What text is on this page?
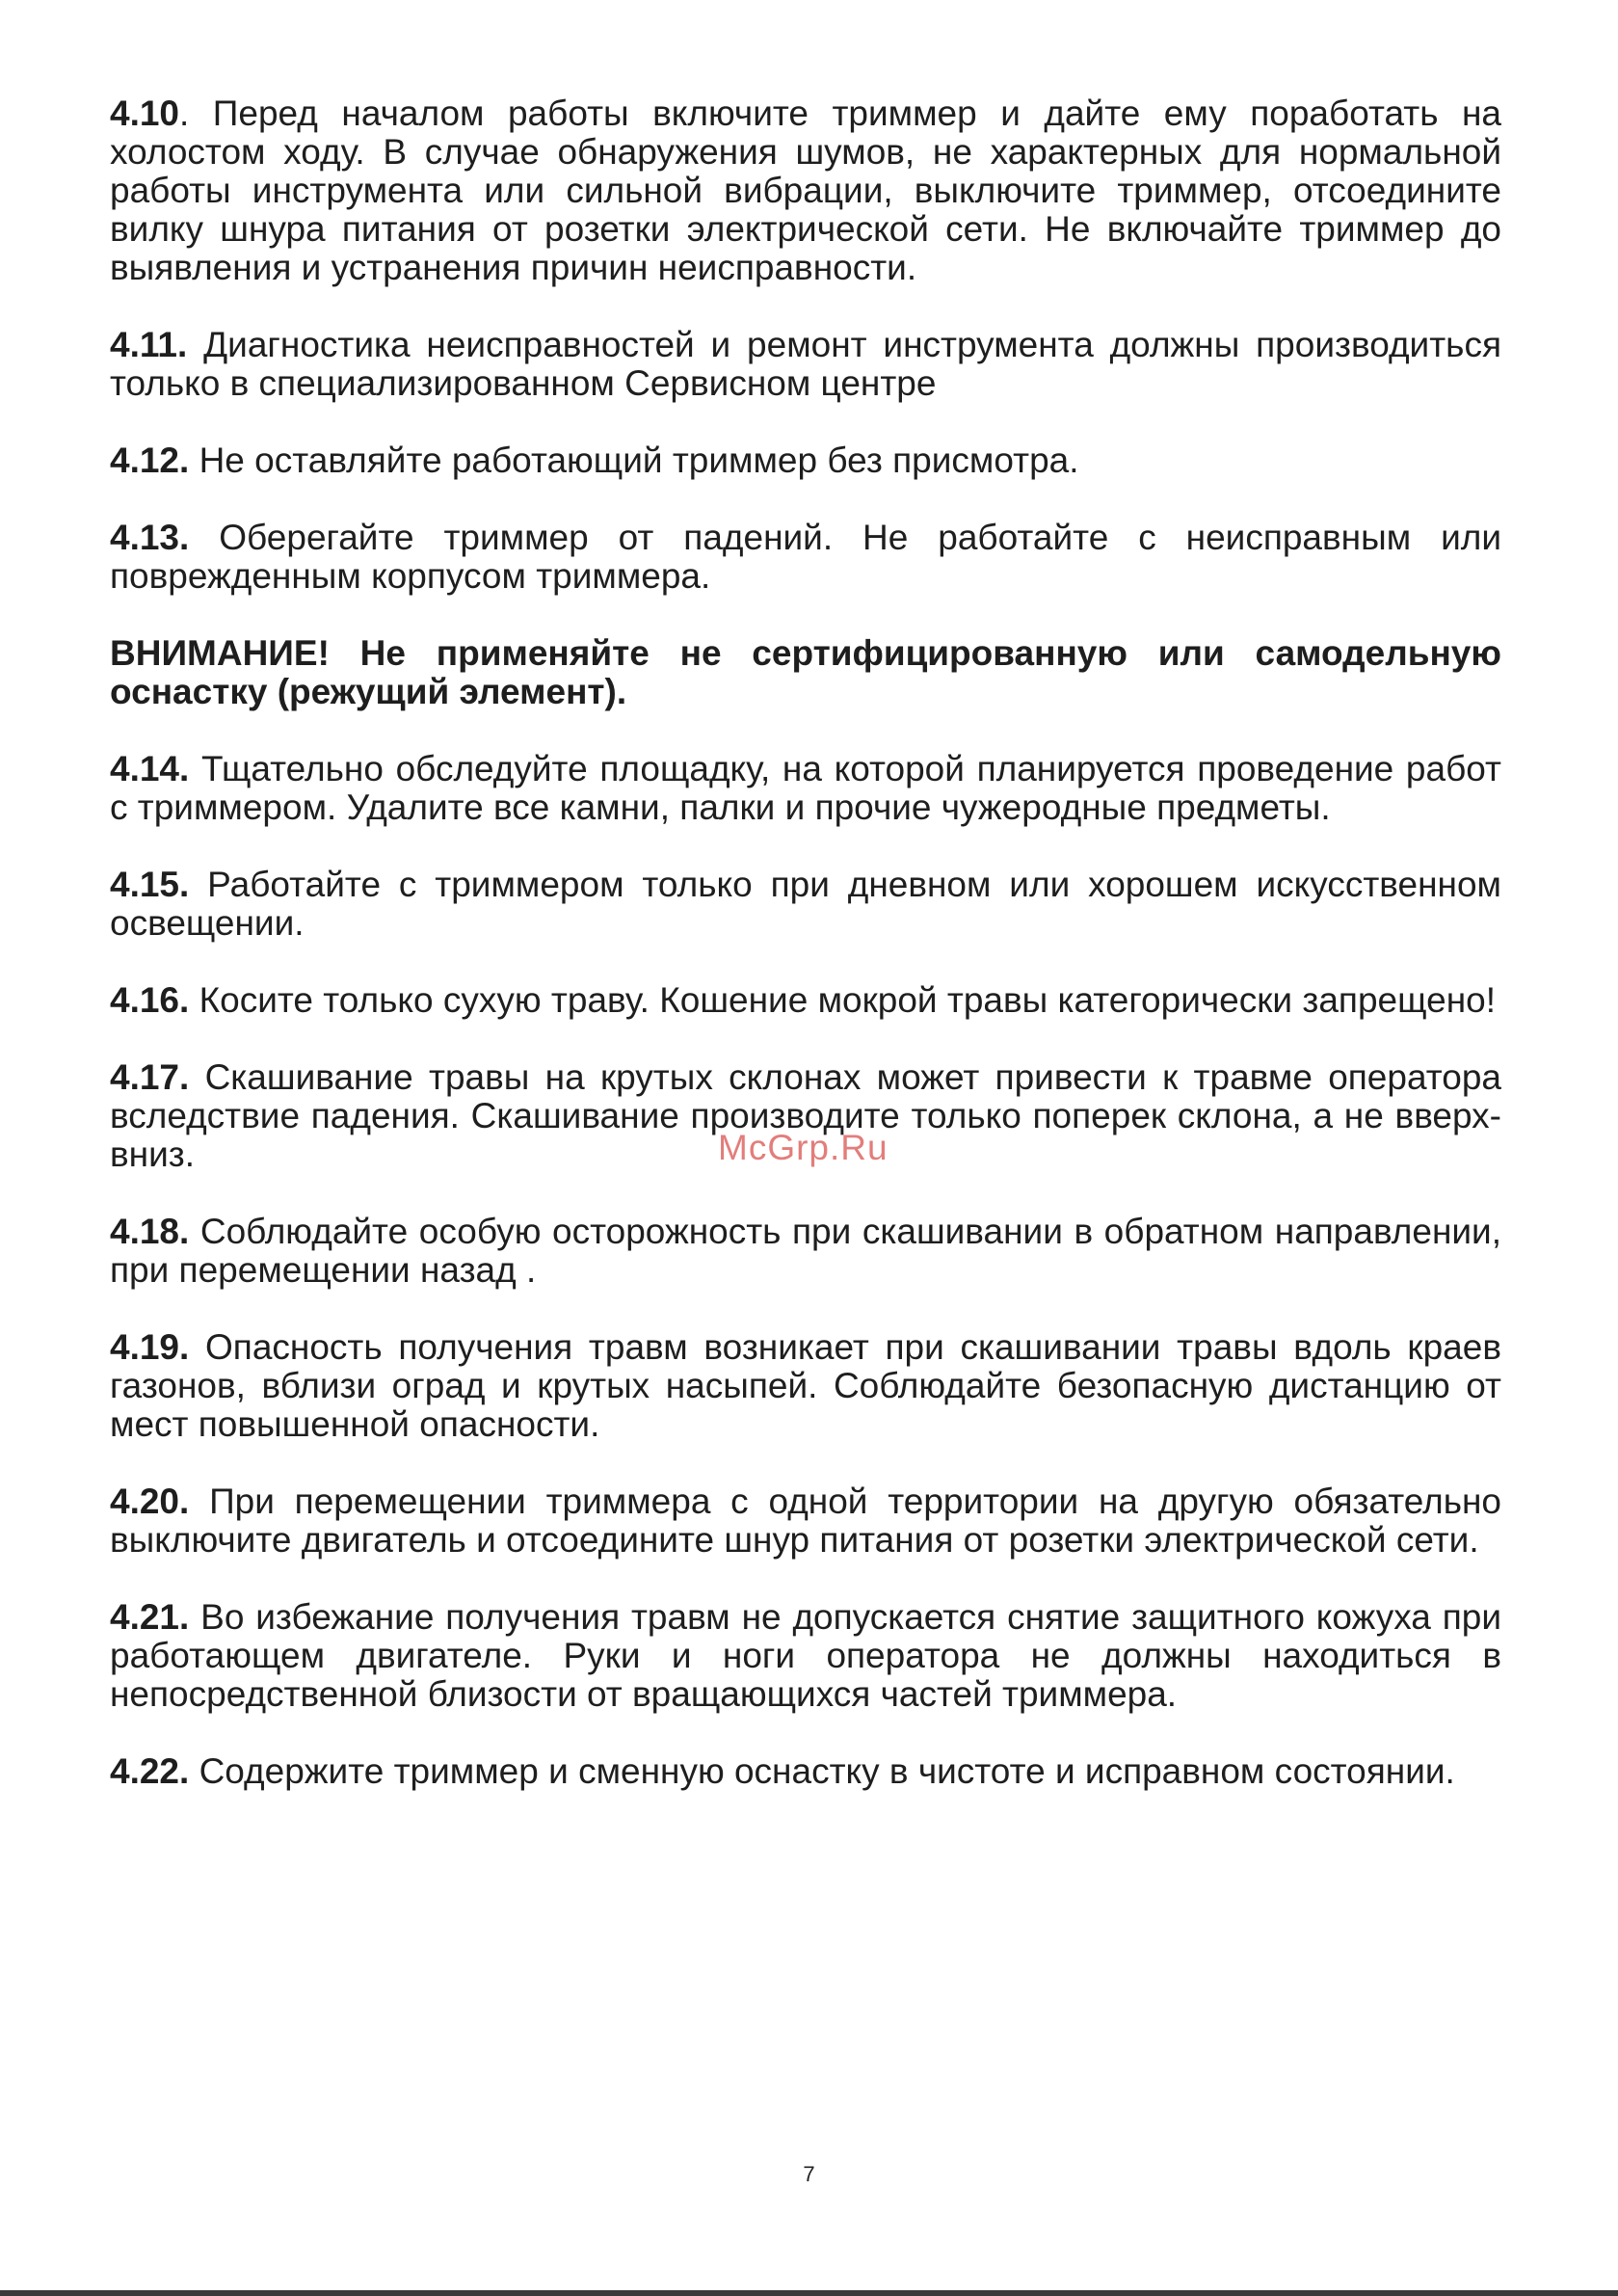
4.10. Перед началом работы включите триммер и дайте ему поработать на холостом ходу. В случае обнаружения шумов, не характерных для нормальной работы инструмента или сильной вибрации, выключите триммер, отсоедините вилку шнура питания от розетки электрической сети. Не включайте триммер до выявления и устранения причин неисправности.

4.11. Диагностика неисправностей и ремонт инструмента должны производиться только в специализированном Сервисном центре

4.12. Не оставляйте работающий триммер без присмотра.

4.13. Оберегайте триммер от падений. Не работайте с неисправным или поврежденным корпусом триммера.

ВНИМАНИЕ! Не применяйте не сертифицированную или самодельную оснастку (режущий элемент).

4.14. Тщательно обследуйте площадку, на которой планируется проведение работ с триммером. Удалите все камни, палки и прочие чужеродные предметы.

4.15. Работайте с триммером только при дневном или хорошем искусственном освещении.

4.16. Косите только сухую траву. Кошение мокрой травы категорически запрещено!

4.17. Скашивание травы на крутых склонах может привести к травме оператора вследствие падения. Скашивание производите только поперек склона, а не вверх-вниз.

4.18. Соблюдайте особую осторожность при скашивании в обратном направлении, при перемещении назад .

4.19. Опасность получения травм возникает при скашивании травы вдоль краев газонов, вблизи оград и крутых насыпей. Соблюдайте безопасную дистанцию от мест повышенной опасности.

4.20. При перемещении триммера с одной территории на другую обязательно выключите двигатель и отсоедините шнур питания от розетки электрической сети.

4.21. Во избежание получения травм не допускается снятие защитного кожуха при работающем двигателе. Руки и ноги оператора не должны находиться в непосредственной близости от вращающихся частей триммера.

4.22. Содержите триммер и сменную оснастку в чистоте и исправном состоянии.

McGrp.Ru
7
